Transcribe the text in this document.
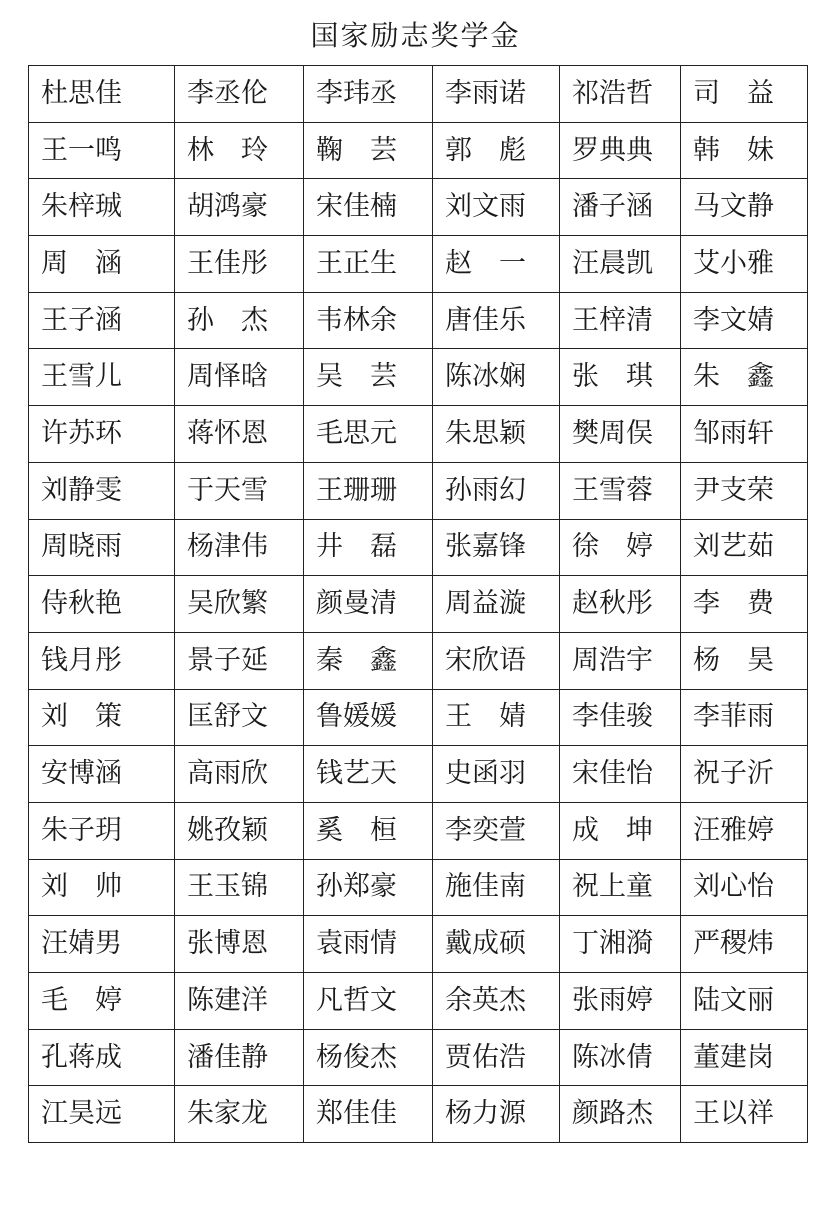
国家励志奖学金
杜思佳	李丞伦	李玮丞	李雨诺	祁浩哲	司　益
王一鸣	林　玲	鞠　芸	郭　彪	罗典典	韩　妹
朱梓珹	胡鸿豪	宋佳楠	刘文雨	潘子涵	马文静
周　涵	王佳彤	王正生	赵　一	汪晨凯	艾小雅
王子涵	孙　杰	韦林余	唐佳乐	王梓清	李文婧
王雪儿	周怿晗	吴　芸	陈冰娴	张　琪	朱　鑫
许苏环	蒋怀恩	毛思元	朱思颖	樊周俣	邹雨轩
刘静雯	于天雪	王珊珊	孙雨幻	王雪蓉	尹支荣
周晓雨	杨津伟	井　磊	张嘉锋	徐　婷	刘艺茹
侍秋艳	吴欣繁	颜曼清	周益漩	赵秋彤	李　费
钱月彤	景子延	秦　鑫	宋欣语	周浩宇	杨　昊
刘　策	匡舒文	鲁媛媛	王　婧	李佳骏	李菲雨
安博涵	高雨欣	钱艺天	史函羽	宋佳怡	祝子沂
朱子玥	姚孜颖	奚　桓	李奕萱	成　坤	汪雅婷
刘　帅	王玉锦	孙郑豪	施佳南	祝上童	刘心怡
汪婧男	张博恩	袁雨情	戴成硕	丁湘漪	严稷炜
毛　婷	陈建洋	凡哲文	余英杰	张雨婷	陆文丽
孔蒋成	潘佳静	杨俊杰	贾佑浩	陈冰倩	董建岗
江昊远	朱家龙	郑佳佳	杨力源	颜路杰	王以祥
